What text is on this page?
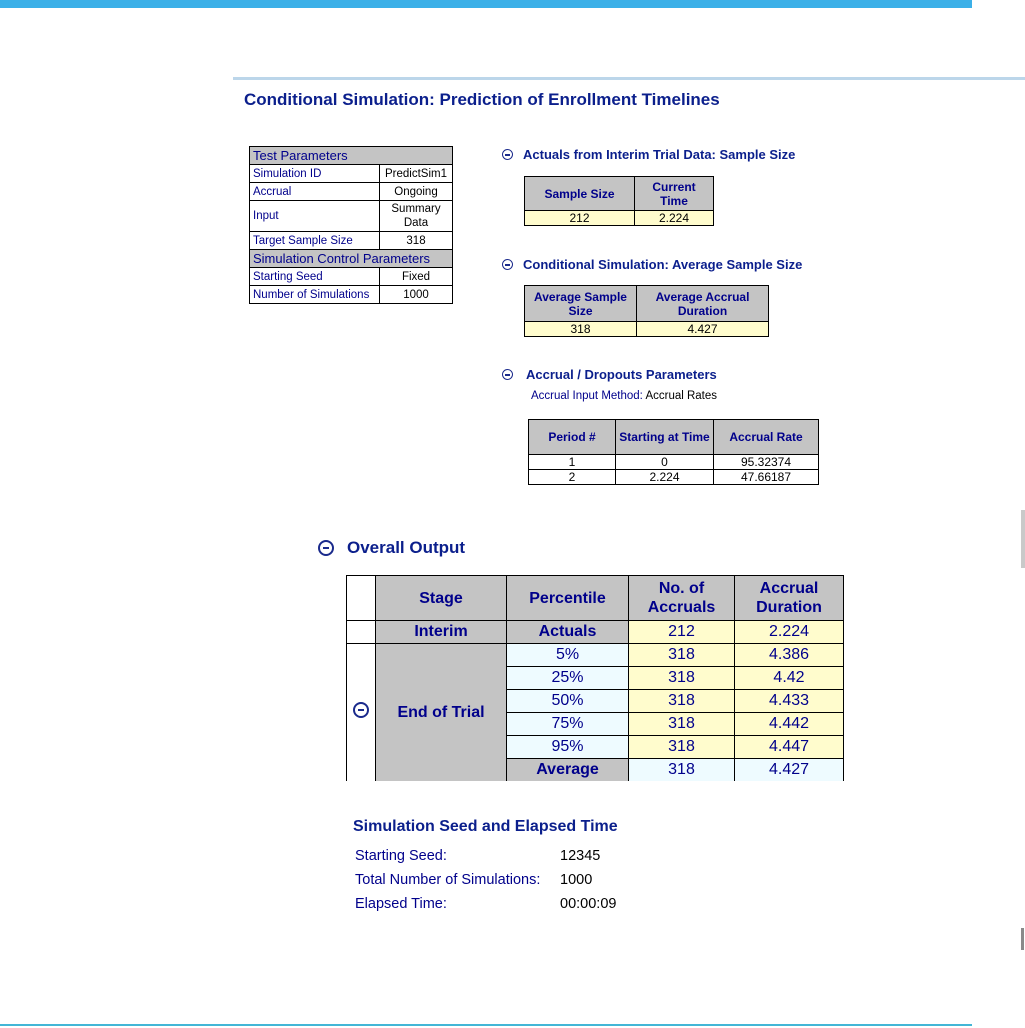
Conditional Simulation: Prediction of Enrollment Timelines
Test Parameters	
Simulation ID	PredictSim1
Accrual	Ongoing
Input	Summary Data
Target Sample Size	318
Simulation Control Parameters	
Starting Seed	Fixed
Number of Simulations	1000
Actuals from Interim Trial Data: Sample Size
Sample Size	Current Time
212	2.224
Conditional Simulation: Average Sample Size
Average Sample Size	Average Accrual Duration
318	4.427
Accrual / Dropouts Parameters
Accrual Input Method: Accrual Rates
Period #	Starting at Time	Accrual Rate
1	0	95.32374
2	2.224	47.66187
Overall Output
	Stage	Percentile	No. of Accruals	Accrual Duration
	Interim	Actuals	212	2.224
	End of Trial	5%	318	4.386
		25%	318	4.42
		50%	318	4.433
		75%	318	4.442
		95%	318	4.447
		Average	318	4.427
Simulation Seed and Elapsed Time
Starting Seed:	12345
Total Number of Simulations: 1000
Elapsed Time:	00:00:09
